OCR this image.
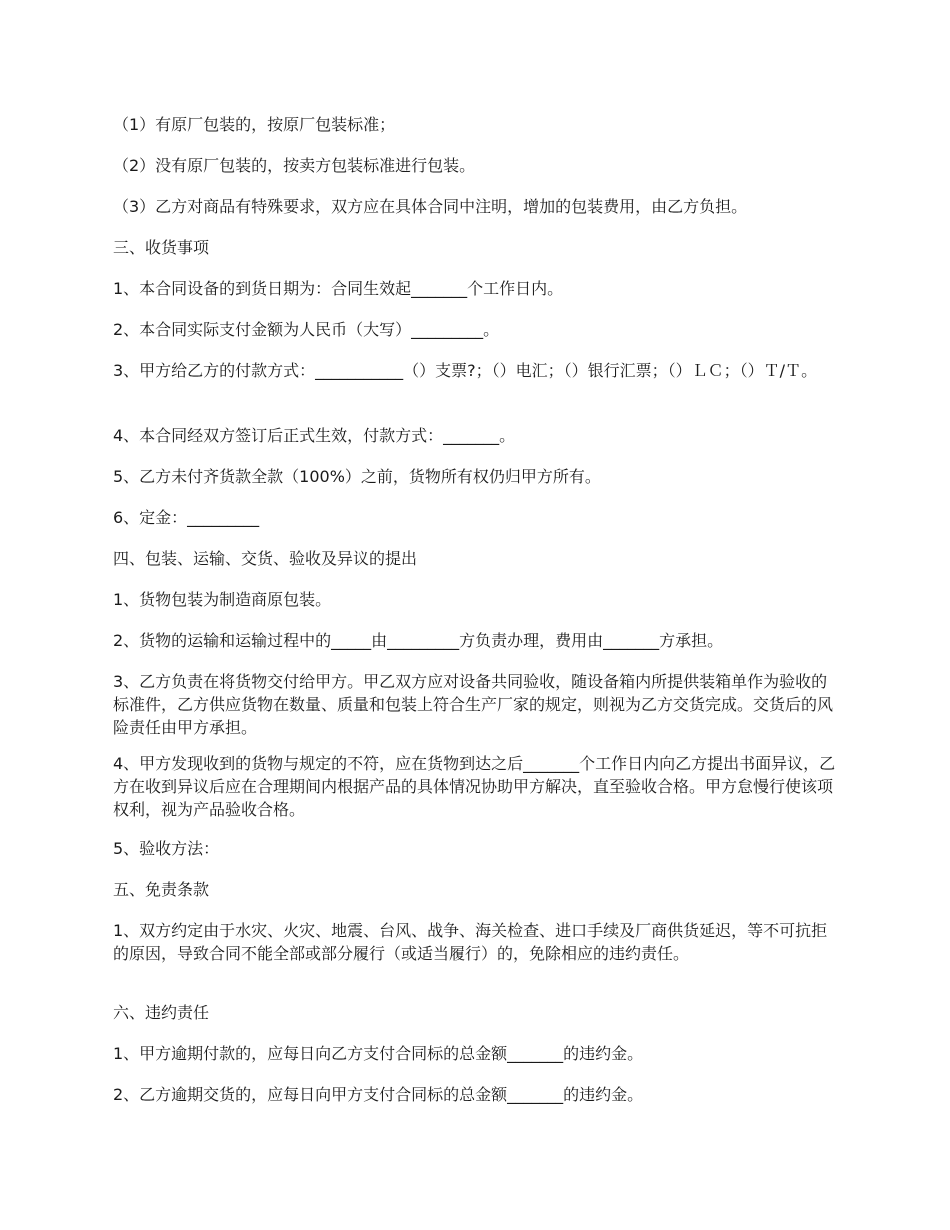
（1）有原厂包装的，按原厂包装标准；

（2）没有原厂包装的，按卖方包装标准进行包装。

（3）乙方对商品有特殊要求，双方应在具体合同中注明，增加的包装费用，由乙方负担。

三、收货事项

1、本合同设备的到货日期为：合同生效起_______个工作日内。

2、本合同实际支付金额为人民币（大写）_________。

3、甲方给乙方的付款方式：___________（）支票?；（）电汇；（）银行汇票；（）ＬＣ；（）Ｔ/Ｔ。

4、本合同经双方签订后正式生效，付款方式：_______。

5、乙方未付齐货款全款（100%）之前，货物所有权仍归甲方所有。

6、定金：_________

四、包装、运输、交货、验收及异议的提出

1、货物包装为制造商原包装。

2、货物的运输和运输过程中的_____由_________方负责办理，费用由_______方承担。

3、乙方负责在将货物交付给甲方。甲乙双方应对设备共同验收，随设备箱内所提供装箱单作为验收的标准件，乙方供应货物在数量、质量和包装上符合生产厂家的规定，则视为乙方交货完成。交货后的风险责任由甲方承担。

4、甲方发现收到的货物与规定的不符，应在货物到达之后_______个工作日内向乙方提出书面异议，乙方在收到异议后应在合理期间内根据产品的具体情况协助甲方解决，直至验收合格。甲方怠慢行使该项权利，视为产品验收合格。

5、验收方法：

五、免责条款

1、双方约定由于水灾、火灾、地震、台风、战争、海关检查、进口手续及厂商供货延迟，等不可抗拒的原因，导致合同不能全部或部分履行（或适当履行）的，免除相应的违约责任。

六、违约责任

1、甲方逾期付款的，应每日向乙方支付合同标的总金额_______的违约金。

2、乙方逾期交货的，应每日向甲方支付合同标的总金额_______的违约金。
